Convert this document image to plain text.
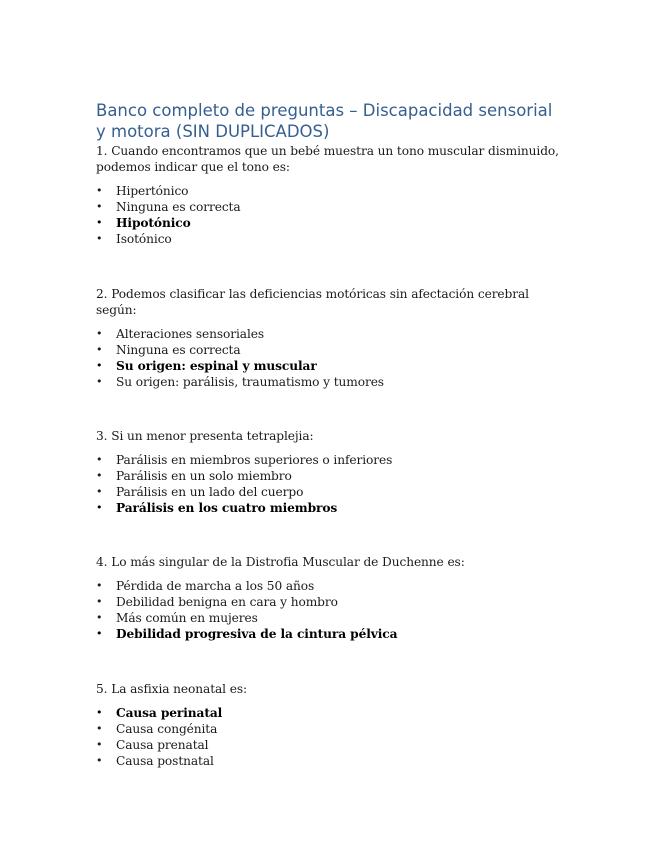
Banco completo de preguntas – Discapacidad sensorial y motora (SIN DUPLICADOS)

1. Cuando encontramos que un bebé muestra un tono muscular disminuido, podemos indicar que el tono es:

• Hipertónico
• Ninguna es correcta
• Hipotónico
• Isotónico

2. Podemos clasificar las deficiencias motóricas sin afectación cerebral según:

• Alteraciones sensoriales
• Ninguna es correcta
• Su origen: espinal y muscular
• Su origen: parálisis, traumatismo y tumores

3. Si un menor presenta tetraplejia:

• Parálisis en miembros superiores o inferiores
• Parálisis en un solo miembro
• Parálisis en un lado del cuerpo
• Parálisis en los cuatro miembros

4. Lo más singular de la Distrofia Muscular de Duchenne es:

• Pérdida de marcha a los 50 años
• Debilidad benigna en cara y hombro
• Más común en mujeres
• Debilidad progresiva de la cintura pélvica

5. La asfixia neonatal es:

• Causa perinatal
• Causa congénita
• Causa prenatal
• Causa postnatal
